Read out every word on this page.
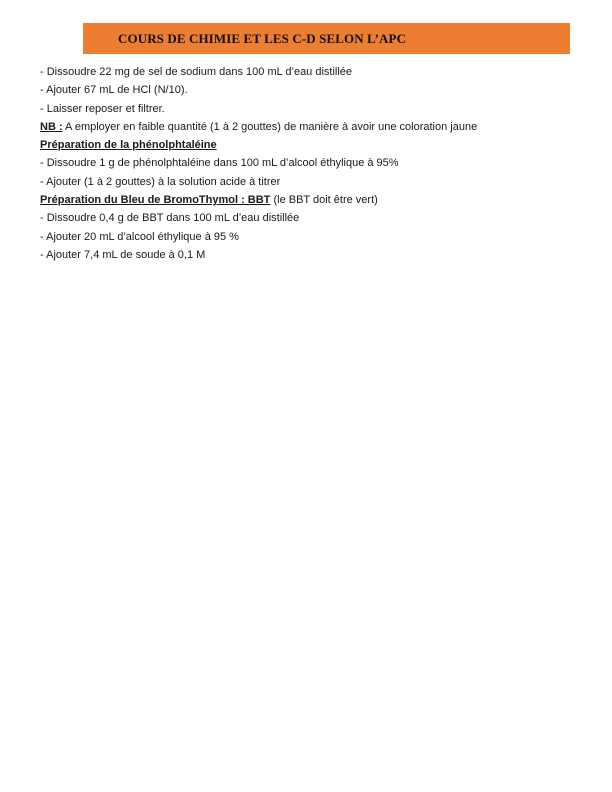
COURS DE CHIMIE ET LES C-D SELON L’APC
- Dissoudre 22 mg de sel de sodium dans 100 mL d’eau distillée
- Ajouter 67 mL de HCl (N/10).
- Laisser reposer et filtrer.
NB : A employer en faible quantité (1 à 2 gouttes) de manière à avoir une coloration jaune
Préparation de la phénolphtaléine
- Dissoudre 1 g de phénolphtaléine dans 100 mL d’alcool éthylique à 95%
- Ajouter (1 à 2 gouttes) à la solution acide à titrer
Préparation du Bleu de BromoThymol : BBT (le BBT doit être vert)
- Dissoudre 0,4 g de BBT dans 100 mL d’eau distillée
- Ajouter 20 mL d’alcool éthylique à 95 %
- Ajouter 7,4 mL de soude à 0,1 M
